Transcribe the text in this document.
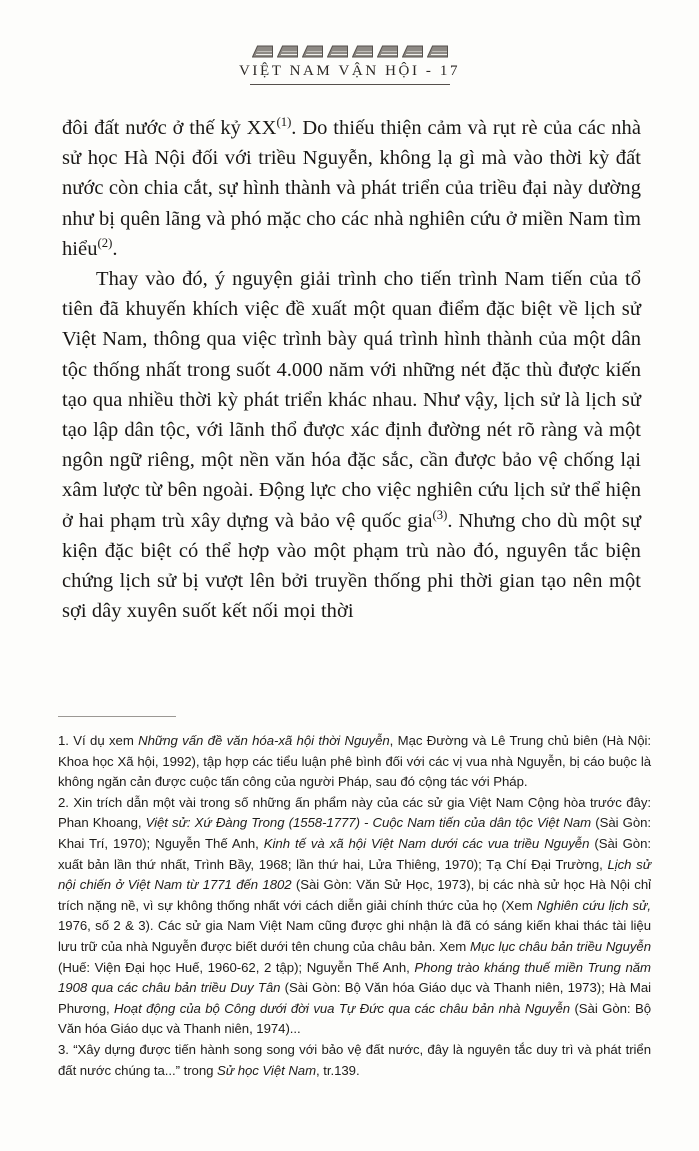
VIỆT NAM VẬN HỘI - 17

đôi đất nước ở thế kỷ XX$^{(1)}$. Do thiếu thiện cảm và rụt rè của các nhà sử học Hà Nội đối với triều Nguyễn, không lạ gì mà vào thời kỳ đất nước còn chia cắt, sự hình thành và phát triển của triều đại này dường như bị quên lãng và phó mặc cho các nhà nghiên cứu ở miền Nam tìm hiểu$^{(2)}$.

Thay vào đó, ý nguyện giải trình cho tiến trình Nam tiến của tổ tiên đã khuyến khích việc đề xuất một quan điểm đặc biệt về lịch sử Việt Nam, thông qua việc trình bày quá trình hình thành của một dân tộc thống nhất trong suốt 4.000 năm với những nét đặc thù được kiến tạo qua nhiều thời kỳ phát triển khác nhau. Như vậy, lịch sử là lịch sử tạo lập dân tộc, với lãnh thổ được xác định đường nét rõ ràng và một ngôn ngữ riêng, một nền văn hóa đặc sắc, cần được bảo vệ chống lại xâm lược từ bên ngoài. Động lực cho việc nghiên cứu lịch sử thể hiện ở hai phạm trù xây dựng và bảo vệ quốc gia$^{(3)}$. Nhưng cho dù một sự kiện đặc biệt có thể hợp vào một phạm trù nào đó, nguyên tắc biện chứng lịch sử bị vượt lên bởi truyền thống phi thời gian tạo nên một sợi dây xuyên suốt kết nối mọi thời

1. Ví dụ xem Những vấn đề văn hóa-xã hội thời Nguyễn, Mạc Đường và Lê Trung chủ biên (Hà Nội: Khoa học Xã hội, 1992), tập hợp các tiểu luận phê bình đối với các vị vua nhà Nguyễn, bị cáo buộc là không ngăn cản được cuộc tấn công của người Pháp, sau đó cộng tác với Pháp.

2. Xin trích dẫn một vài trong số những ấn phẩm này của các sử gia Việt Nam Cộng hòa trước đây: Phan Khoang, Việt sử: Xứ Đàng Trong (1558-1777) - Cuộc Nam tiến của dân tộc Việt Nam (Sài Gòn: Khai Trí, 1970); Nguyễn Thế Anh, Kinh tế và xã hội Việt Nam dưới các vua triều Nguyễn (Sài Gòn: xuất bản lần thứ nhất, Trình Bầy, 1968; lần thứ hai, Lửa Thiêng, 1970); Tạ Chí Đại Trường, Lịch sử nội chiến ở Việt Nam từ 1771 đến 1802 (Sài Gòn: Văn Sử Học, 1973), bị các nhà sử học Hà Nội chỉ trích nặng nề, vì sự không thống nhất với cách diễn giải chính thức của họ (Xem Nghiên cứu lịch sử, 1976, số 2 & 3). Các sử gia Nam Việt Nam cũng được ghi nhận là đã có sáng kiến khai thác tài liệu lưu trữ của nhà Nguyễn được biết dưới tên chung của châu bản. Xem Mục lục châu bản triều Nguyễn (Huế: Viện Đại học Huế, 1960-62, 2 tập); Nguyễn Thế Anh, Phong trào kháng thuế miền Trung năm 1908 qua các châu bản triều Duy Tân (Sài Gòn: Bộ Văn hóa Giáo dục và Thanh niên, 1973); Hà Mai Phương, Hoạt động của bộ Công dưới đời vua Tự Đức qua các châu bản nhà Nguyễn (Sài Gòn: Bộ Văn hóa Giáo dục và Thanh niên, 1974)...

3. “Xây dựng được tiến hành song song với bảo vệ đất nước, đây là nguyên tắc duy trì và phát triển đất nước chúng ta...” trong Sử học Việt Nam, tr.139.
